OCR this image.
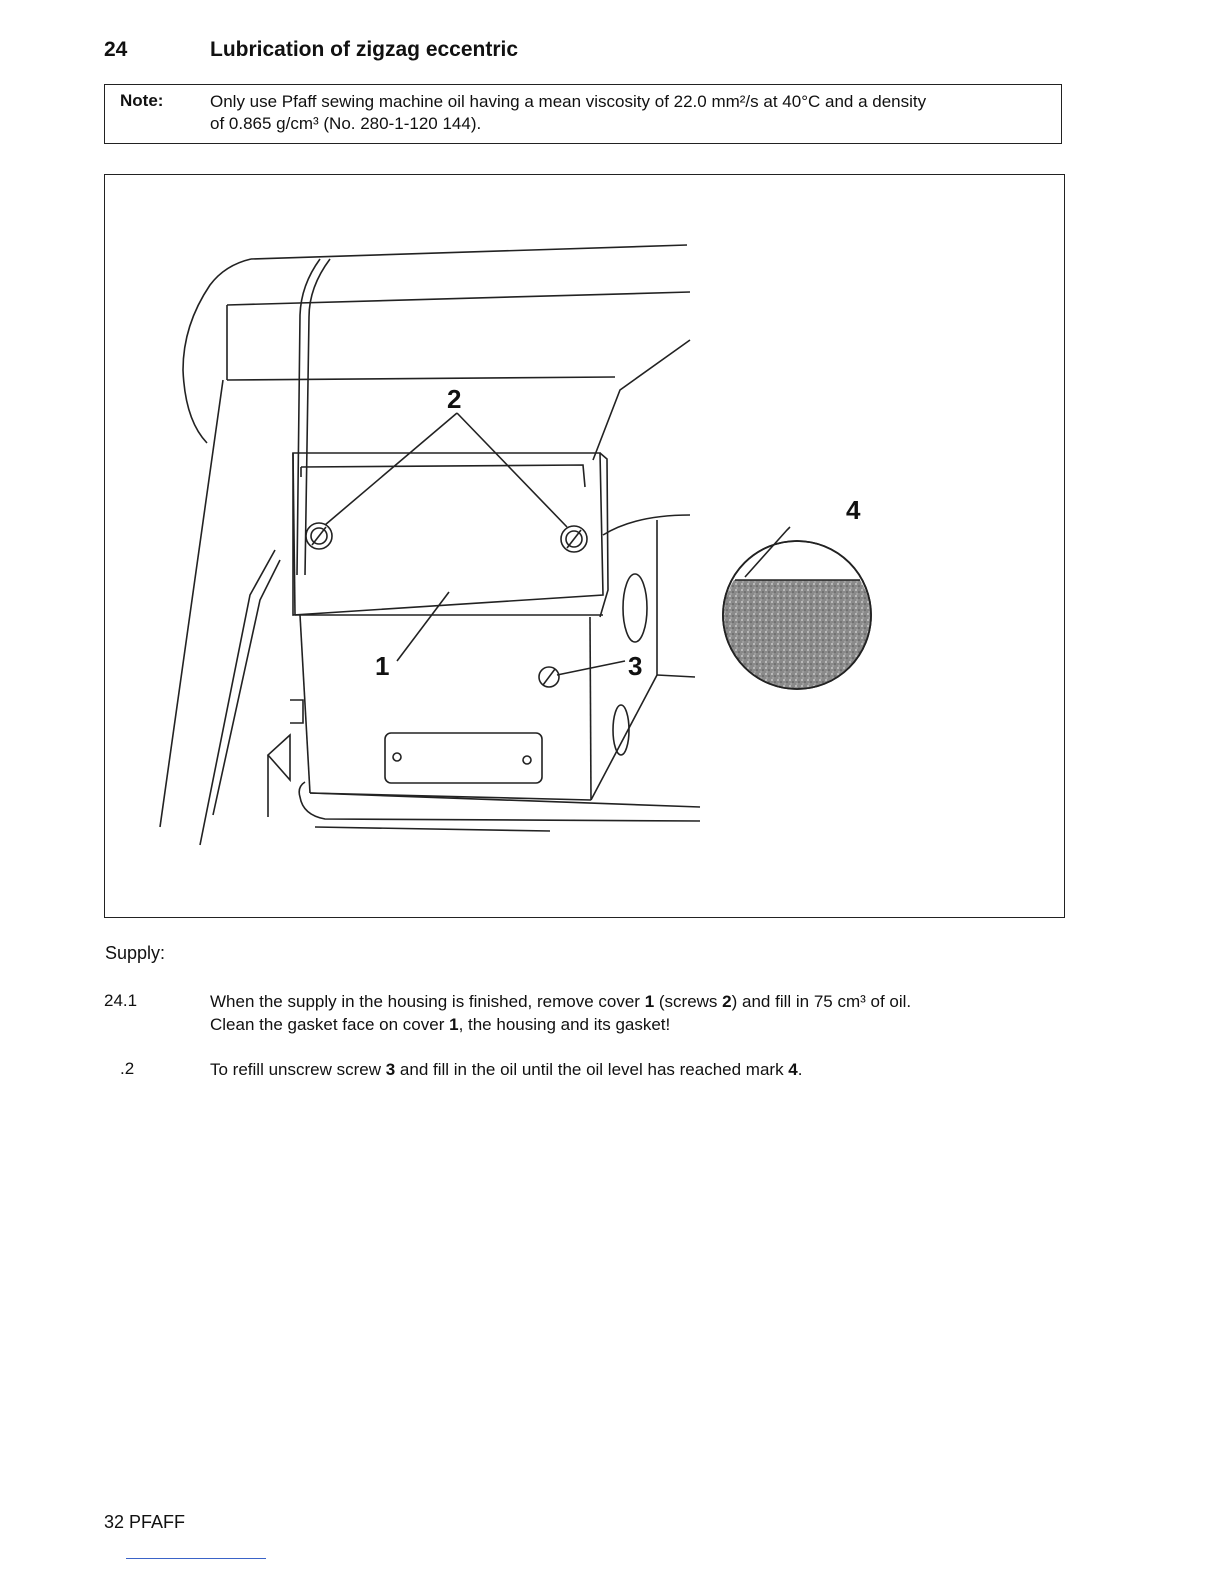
24	Lubrication of zigzag eccentric
Note:	Only use Pfaff sewing machine oil having a mean viscosity of 22.0 mm²/s at 40°C and a density
of 0.865 g/cm³ (No. 280-1-120 144).
1
2
3
4
Supply:
24.1	When the supply in the housing is finished, remove cover 1 (screws 2) and fill in 75 cm³ of oil.
Clean the gasket face on cover 1, the housing and its gasket!
.2	To refill unscrew screw 3 and fill in the oil until the oil level has reached mark 4.
32 PFAFF
